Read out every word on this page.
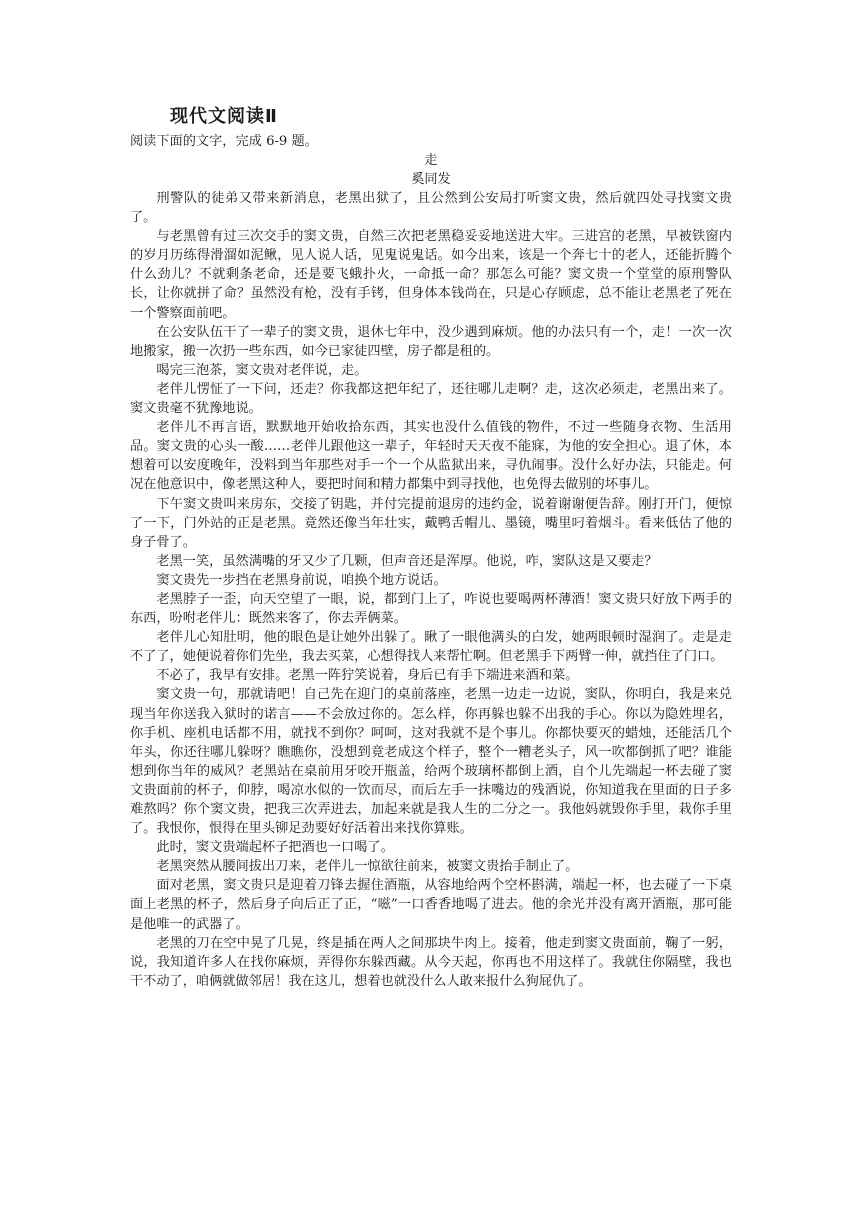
现代文阅读Ⅱ

阅读下面的文字，完成 6-9 题。

走

奚同发

刑警队的徒弟又带来新消息，老黑出狱了，且公然到公安局打听窦文贵，然后就四处寻找窦文贵了。

与老黑曾有过三次交手的窦文贵，自然三次把老黑稳妥妥地送进大牢。三进宫的老黑，早被铁窗内的岁月历练得滑溜如泥鳅，见人说人话，见鬼说鬼话。如今出来，该是一个奔七十的老人，还能折腾个什么劲儿？不就剩条老命，还是要飞蛾扑火，一命抵一命？那怎么可能？窦文贵一个堂堂的原刑警队长，让你就拼了命？虽然没有枪，没有手铐，但身体本钱尚在，只是心存顾虑，总不能让老黑老了死在一个警察面前吧。

在公安队伍干了一辈子的窦文贵，退休七年中，没少遇到麻烦。他的办法只有一个，走！一次一次地搬家，搬一次扔一些东西，如今已家徒四壁，房子都是租的。

喝完三泡茶，窦文贵对老伴说，走。

老伴儿愣怔了一下问，还走？你我都这把年纪了，还往哪儿走啊？走，这次必须走，老黑出来了。窦文贵毫不犹豫地说。

老伴儿不再言语，默默地开始收拾东西，其实也没什么值钱的物件，不过一些随身衣物、生活用品。窦文贵的心头一酸……老伴儿跟他这一辈子，年轻时天天夜不能寐，为他的安全担心。退了休，本想着可以安度晚年，没料到当年那些对手一个一个从监狱出来，寻仇闹事。没什么好办法，只能走。何况在他意识中，像老黑这种人，要把时间和精力都集中到寻找他，也免得去做别的坏事儿。

下午窦文贵叫来房东，交接了钥匙，并付完提前退房的违约金，说着谢谢便告辞。刚打开门，便惊了一下，门外站的正是老黑。竟然还像当年壮实，戴鸭舌帽儿、墨镜，嘴里叼着烟斗。看来低估了他的身子骨了。

老黑一笑，虽然满嘴的牙又少了几颗，但声音还是浑厚。他说，咋，窦队这是又要走？

窦文贵先一步挡在老黑身前说，咱换个地方说话。

老黑脖子一歪，向天空望了一眼，说，都到门上了，咋说也要喝两杯薄酒！窦文贵只好放下两手的东西，吩咐老伴儿：既然来客了，你去弄俩菜。

老伴儿心知肚明，他的眼色是让她外出躲了。瞅了一眼他满头的白发，她两眼顿时湿润了。走是走不了了，她便说着你们先坐，我去买菜，心想得找人来帮忙啊。但老黑手下两臂一伸，就挡住了门口。

不必了，我早有安排。老黑一阵狞笑说着，身后已有手下端进来酒和菜。

窦文贵一句，那就请吧！自己先在迎门的桌前落座，老黑一边走一边说，窦队，你明白，我是来兑现当年你送我入狱时的诺言——不会放过你的。怎么样，你再躲也躲不出我的手心。你以为隐姓埋名，你手机、座机电话都不用，就找不到你？呵呵，这对我就不是个事儿。你都快要灭的蜡烛，还能活几个年头，你还往哪儿躲呀？瞧瞧你，没想到竟老成这个样子，整个一糟老头子，风一吹都倒抓了吧？谁能想到你当年的威风？老黑站在桌前用牙咬开瓶盖，给两个玻璃杯都倒上酒，自个儿先端起一杯去碰了窦文贵面前的杯子，仰脖，喝凉水似的一饮而尽，而后左手一抹嘴边的残酒说，你知道我在里面的日子多难熬吗？你个窦文贵，把我三次弄进去，加起来就是我人生的二分之一。我他妈就毁你手里，栽你手里了。我恨你，恨得在里头铆足劲要好好活着出来找你算账。

此时，窦文贵端起杯子把酒也一口喝了。

老黑突然从腰间拔出刀来，老伴儿一惊欲往前来，被窦文贵抬手制止了。

面对老黑，窦文贵只是迎着刀锋去握住酒瓶，从容地给两个空杯斟满，端起一杯，也去碰了一下桌面上老黑的杯子，然后身子向后正了正，“嗞”一口香香地喝了进去。他的余光并没有离开酒瓶，那可能是他唯一的武器了。

老黑的刀在空中晃了几晃，终是插在两人之间那块牛肉上。接着，他走到窦文贵面前，鞠了一躬，说，我知道许多人在找你麻烦，弄得你东躲西藏。从今天起，你再也不用这样了。我就住你隔壁，我也干不动了，咱俩就做邻居！我在这儿，想着也就没什么人敢来报什么狗屁仇了。
